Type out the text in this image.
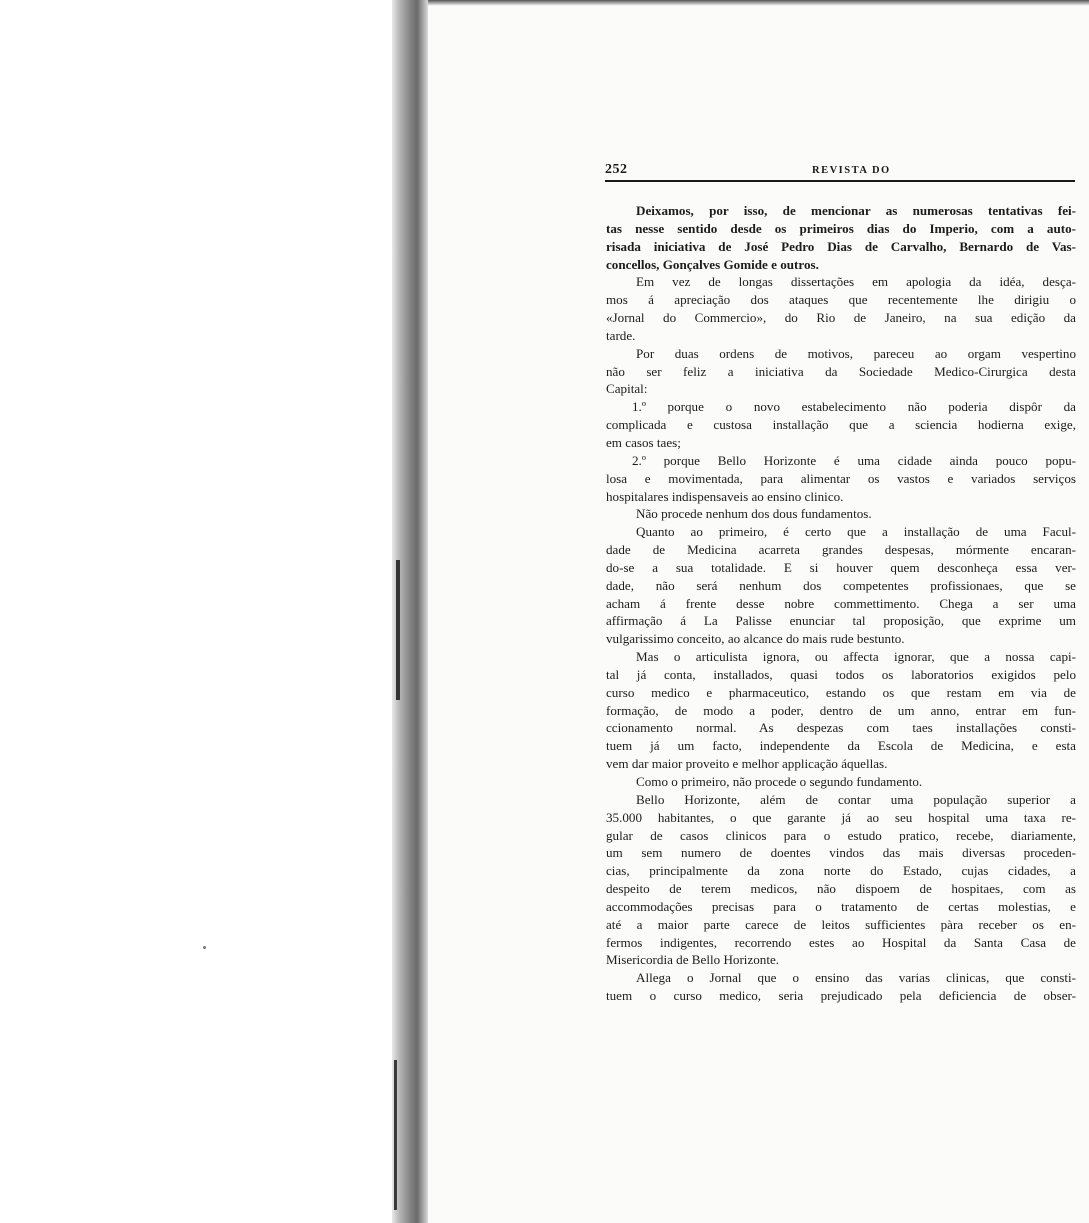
252	REVISTA DO
Deixamos, por isso, de mencionar as numerosas tentativas fei-
tas nesse sentido desde os primeiros dias do Imperio, com a auto-
risada iniciativa de José Pedro Dias de Carvalho, Bernardo de Vas-
concellos, Gonçalves Gomide e outros.
Em vez de longas dissertações em apologia da idéa, desça-
mos á apreciação dos ataques que recentemente lhe dirigiu o
«Jornal do Commercio», do Rio de Janeiro, na sua edição da
tarde.
Por duas ordens de motivos, pareceu ao orgam vespertino
não ser feliz a iniciativa da Sociedade Medico-Cirurgica desta
Capital:
1.º porque o novo estabelecimento não poderia dispôr da
complicada e custosa installação que a sciencia hodierna exige,
em casos taes;
2.º porque Bello Horizonte é uma cidade ainda pouco popu-
losa e movimentada, para alimentar os vastos e variados serviços
hospitalares indispensaveis ao ensino clinico.
Não procede nenhum dos dous fundamentos.
Quanto ao primeiro, é certo que a installação de uma Facul-
dade de Medicina acarreta grandes despesas, mórmente encaran-
do-se a sua totalidade. E si houver quem desconheça essa ver-
dade, não será nenhum dos competentes profissionaes, que se
acham á frente desse nobre commettimento. Chega a ser uma
affirmação á La Palisse enunciar tal proposição, que exprime um
vulgarissimo conceito, ao alcance do mais rude bestunto.
Mas o articulista ignora, ou affecta ignorar, que a nossa capi-
tal já conta, installados, quasi todos os laboratorios exigidos pelo
curso medico e pharmaceutico, estando os que restam em via de
formação, de modo a poder, dentro de um anno, entrar em fun-
ccionamento normal. As despezas com taes installações consti-
tuem já um facto, independente da Escola de Medicina, e esta
vem dar maior proveito e melhor applicação áquellas.
Como o primeiro, não procede o segundo fundamento.
Bello Horizonte, além de contar uma população superior a
35.000 habitantes, o que garante já ao seu hospital uma taxa re-
gular de casos clinicos para o estudo pratico, recebe, diariamente,
um sem numero de doentes vindos das mais diversas proceden-
cias, principalmente da zona norte do Estado, cujas cidades, a
despeito de terem medicos, não dispoem de hospitaes, com as
accommodações precisas para o tratamento de certas molestias, e
até a maior parte carece de leitos sufficientes pàra receber os en-
fermos indigentes, recorrendo estes ao Hospital da Santa Casa de
Misericordia de Bello Horizonte.
Allega o Jornal que o ensino das varias clinicas, que consti-
tuem o curso medico, seria prejudicado pela deficiencia de obser-
